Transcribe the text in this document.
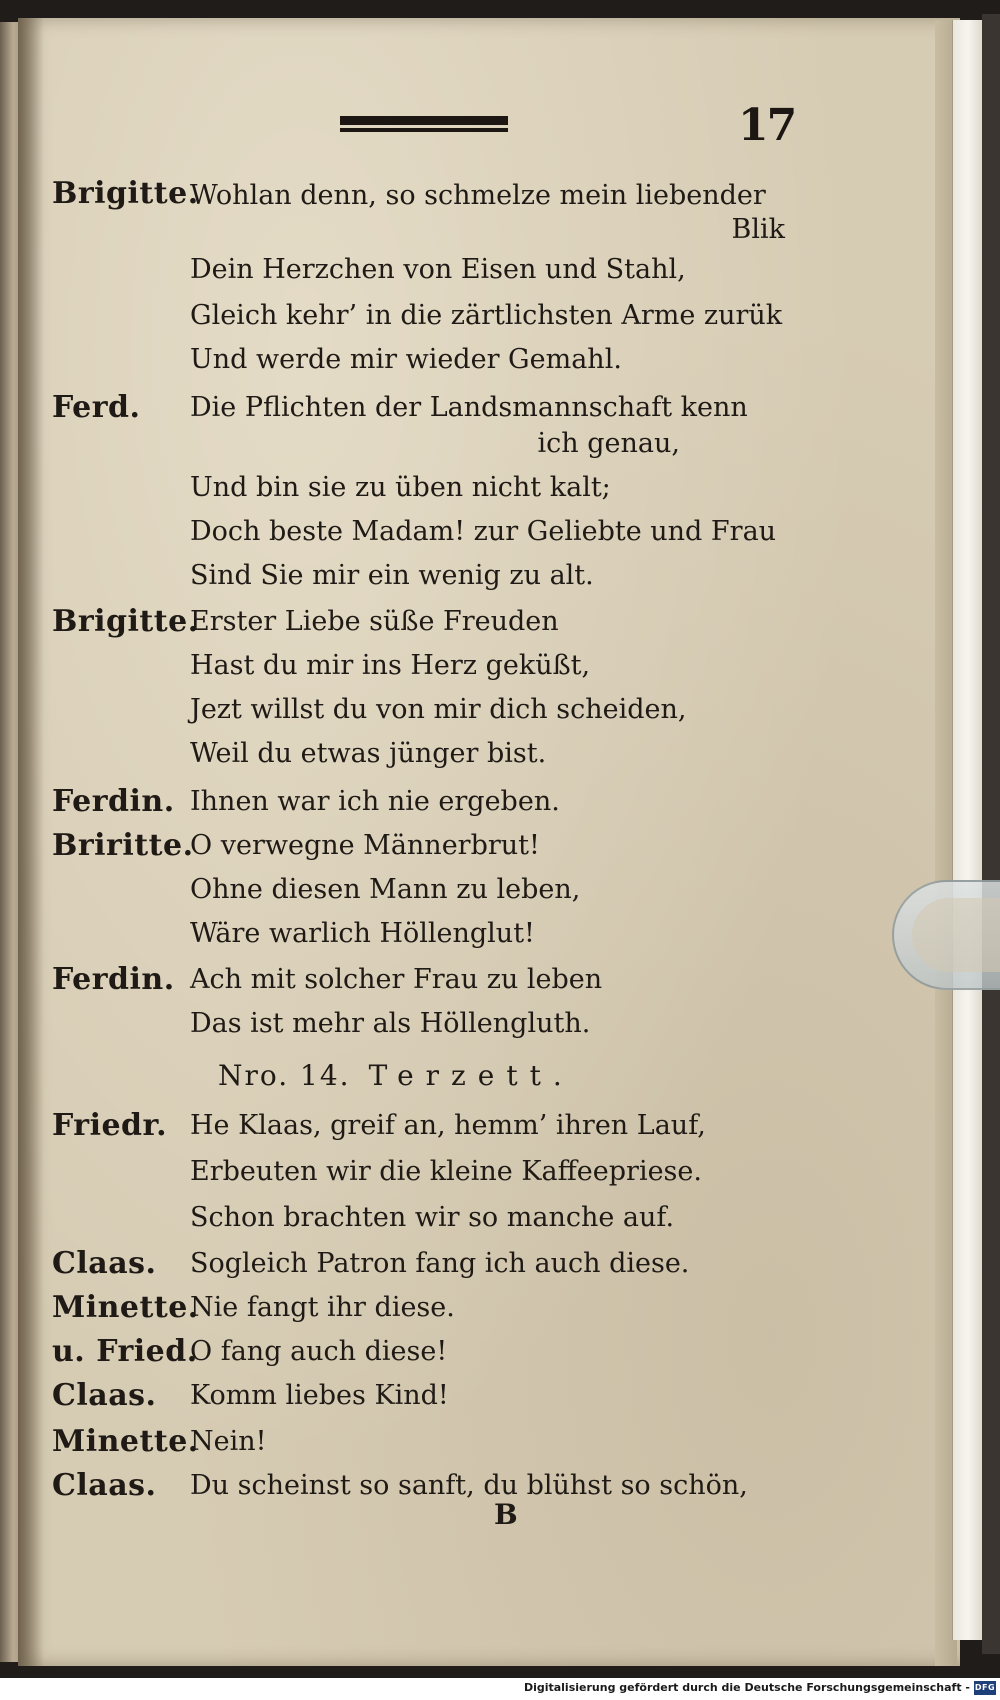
17
Brigitte.
Wohlan denn, so schmelze mein liebender
Blik
Dein Herzchen von Eisen und Stahl,
Gleich kehr’ in die zärtlichsten Arme zurük
Und werde mir wieder Gemahl.
Ferd. Die Pflichten der Landsmannschaft kenn
ich genau,
Und bin sie zu üben nicht kalt;
Doch beste Madam! zur Geliebte und Frau
Sind Sie mir ein wenig zu alt.
Brigitte.
Erster Liebe süße Freuden
Hast du mir ins Herz geküßt,
Jezt willst du von mir dich scheiden,
Weil du etwas jünger bist.
Ferdin. Ihnen war ich nie ergeben.
Briritte.
O verwegne Männerbrut!
Ohne diesen Mann zu leben,
Wäre warlich Höllenglut!
Ferdin. Ach mit solcher Frau zu leben
Das ist mehr als Höllengluth.
Nro. 14. Terzett.
Friedr. He Klaas, greif an, hemm’ ihren Lauf,
Erbeuten wir die kleine Kaffeepriese.
Schon brachten wir so manche auf.
Claas. Sogleich Patron fang ich auch diese.
Minette.
Nie fangt ihr diese.
u. Fried.
O fang auch diese!
Claas. Komm liebes Kind!
Minette.
Nein!
Claas. Du scheinst so sanft, du blühst so schön,
B
Digitalisierung gefördert durch die Deutsche Forschungsgemeinschaft - DFG
